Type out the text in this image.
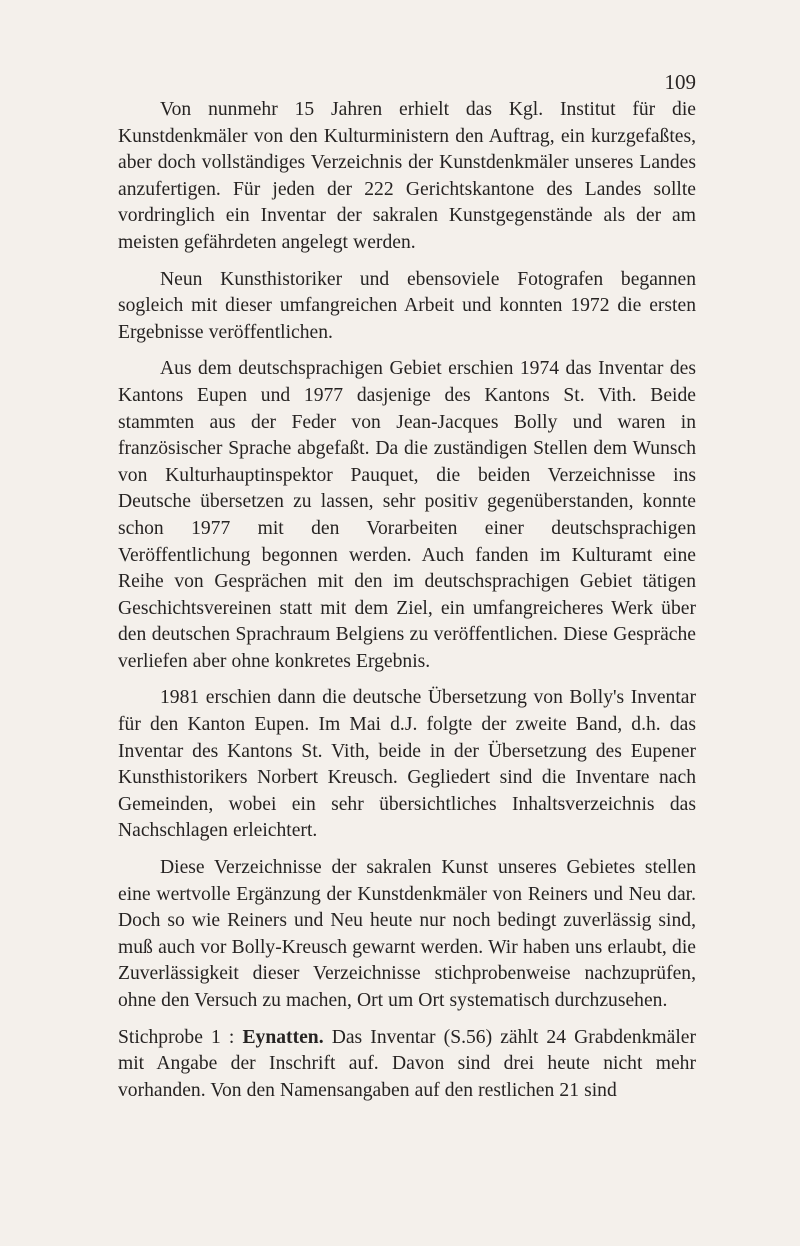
109

Von nunmehr 15 Jahren erhielt das Kgl. Institut für die Kunstdenkmäler von den Kulturministern den Auftrag, ein kurzgefaßtes, aber doch vollständiges Verzeichnis der Kunstdenkmäler unseres Landes anzufertigen. Für jeden der 222 Gerichtskantone des Landes sollte vordringlich ein Inventar der sakralen Kunstgegenstände als der am meisten gefährdeten angelegt werden.

Neun Kunsthistoriker und ebensoviele Fotografen begannen sogleich mit dieser umfangreichen Arbeit und konnten 1972 die ersten Ergebnisse veröffentlichen.

Aus dem deutschsprachigen Gebiet erschien 1974 das Inventar des Kantons Eupen und 1977 dasjenige des Kantons St. Vith. Beide stammten aus der Feder von Jean-Jacques Bolly und waren in französischer Sprache abgefaßt. Da die zuständigen Stellen dem Wunsch von Kulturhauptinspektor Pauquet, die beiden Verzeichnisse ins Deutsche übersetzen zu lassen, sehr positiv gegenüberstanden, konnte schon 1977 mit den Vorarbeiten einer deutschsprachigen Veröffentlichung begonnen werden. Auch fanden im Kulturamt eine Reihe von Gesprächen mit den im deutschsprachigen Gebiet tätigen Geschichtsvereinen statt mit dem Ziel, ein umfangreicheres Werk über den deutschen Sprachraum Belgiens zu veröffentlichen. Diese Gespräche verliefen aber ohne konkretes Ergebnis.

1981 erschien dann die deutsche Übersetzung von Bolly's Inventar für den Kanton Eupen. Im Mai d.J. folgte der zweite Band, d.h. das Inventar des Kantons St. Vith, beide in der Übersetzung des Eupener Kunsthistorikers Norbert Kreusch. Gegliedert sind die Inventare nach Gemeinden, wobei ein sehr übersichtliches Inhaltsverzeichnis das Nachschlagen erleichtert.

Diese Verzeichnisse der sakralen Kunst unseres Gebietes stellen eine wertvolle Ergänzung der Kunstdenkmäler von Reiners und Neu dar. Doch so wie Reiners und Neu heute nur noch bedingt zuverlässig sind, muß auch vor Bolly-Kreusch gewarnt werden. Wir haben uns erlaubt, die Zuverlässigkeit dieser Verzeichnisse stichprobenweise nachzuprüfen, ohne den Versuch zu machen, Ort um Ort systematisch durchzusehen.

Stichprobe 1 : Eynatten. Das Inventar (S.56) zählt 24 Grabdenkmäler mit Angabe der Inschrift auf. Davon sind drei heute nicht mehr vorhanden. Von den Namensangaben auf den restlichen 21 sind
